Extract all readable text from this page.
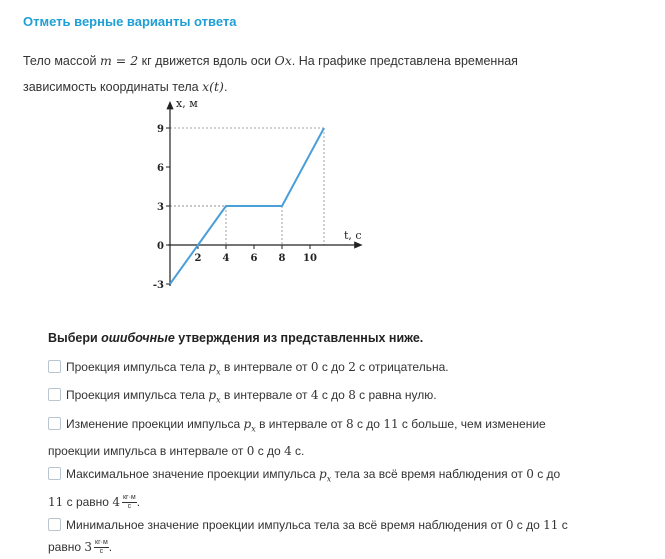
Отметь верные варианты ответа
Тело массой m = 2 кг движется вдоль оси Ox. На графике представлена временная
зависимость координаты тела x(t).
2 4 6 8 10
9
6
3
0
-3
x, м
t, с
Выбери ошибочные утверждения из представленных ниже.
Проекция импульса тела $p_x$ в интервале от 0 с до 2 с отрицательна.
Проекция импульса тела $p_x$ в интервале от 4 с до 8 с равна нулю.
Изменение проекции импульса $p_x$ в интервале от 8 с до 11 с больше, чем изменение
проекции импульса в интервале от 0 с до 4 с.
Максимальное значение проекции импульса $p_x$ тела за всё время наблюдения от 0 с до
11 с равно $4 \frac{кг\cdot м}{с}$ .
Минимальное значение проекции импульса тела за всё время наблюдения от 0 с до 11 с
равно $3 \frac{кг\cdot м}{с}$ .
